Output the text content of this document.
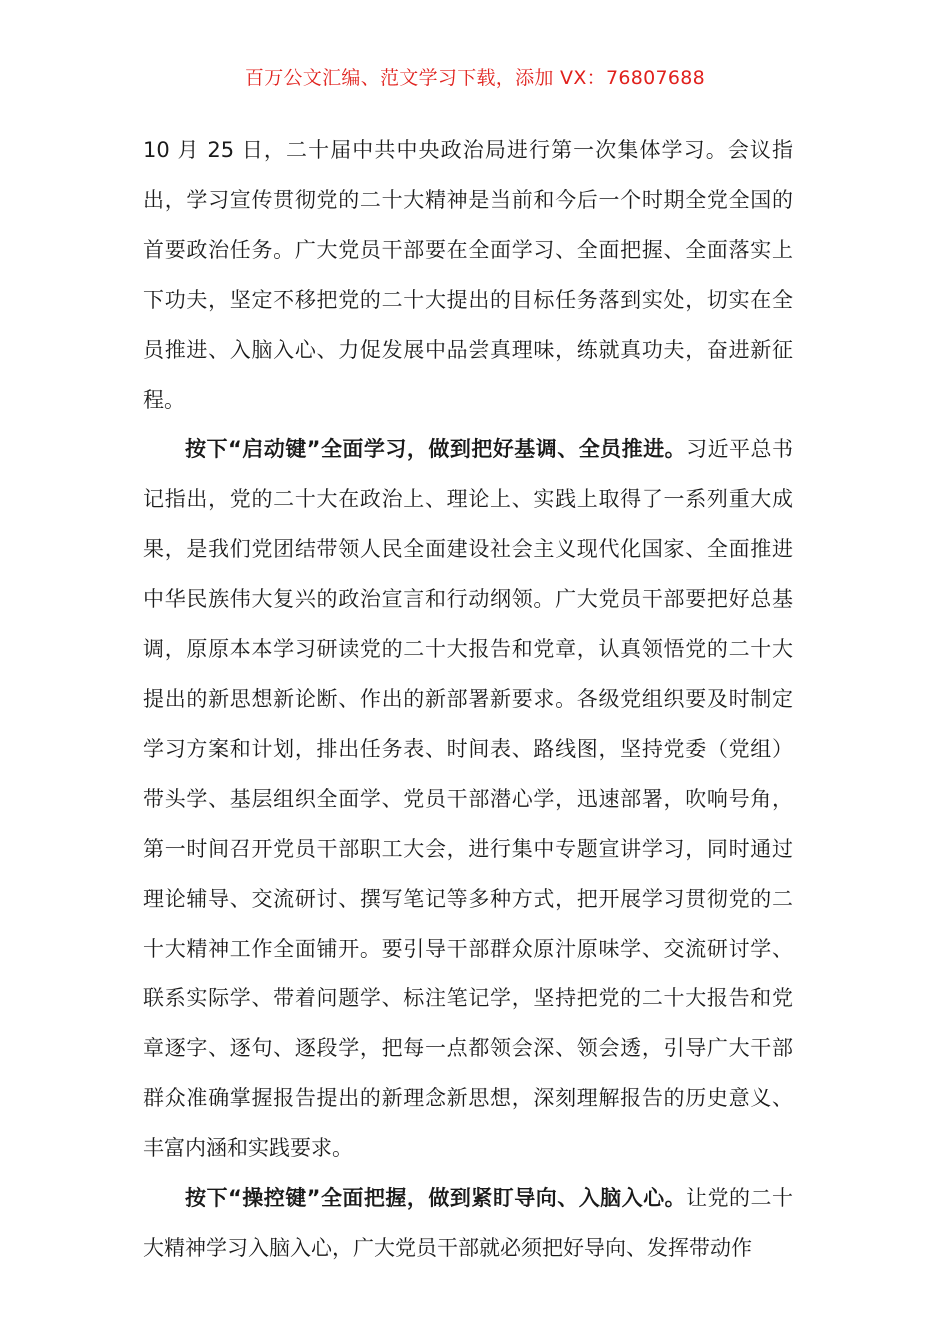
百万公文汇编、范文学习下载，添加 VX：76807688

10 月 25 日，二十届中共中央政治局进行第一次集体学习。会议指出，学习宣传贯彻党的二十大精神是当前和今后一个时期全党全国的首要政治任务。广大党员干部要在全面学习、全面把握、全面落实上下功夫，坚定不移把党的二十大提出的目标任务落到实处，切实在全员推进、入脑入心、力促发展中品尝真理味，练就真功夫，奋进新征程。

按下“启动键”全面学习，做到把好基调、全员推进。习近平总书记指出，党的二十大在政治上、理论上、实践上取得了一系列重大成果，是我们党团结带领人民全面建设社会主义现代化国家、全面推进中华民族伟大复兴的政治宣言和行动纲领。广大党员干部要把好总基调，原原本本学习研读党的二十大报告和党章，认真领悟党的二十大提出的新思想新论断、作出的新部署新要求。各级党组织要及时制定学习方案和计划，排出任务表、时间表、路线图，坚持党委（党组）带头学、基层组织全面学、党员干部潜心学，迅速部署，吹响号角，第一时间召开党员干部职工大会，进行集中专题宣讲学习，同时通过理论辅导、交流研讨、撰写笔记等多种方式，把开展学习贯彻党的二十大精神工作全面铺开。要引导干部群众原汁原味学、交流研讨学、联系实际学、带着问题学、标注笔记学，坚持把党的二十大报告和党章逐字、逐句、逐段学，把每一点都领会深、领会透，引导广大干部群众准确掌握报告提出的新理念新思想，深刻理解报告的历史意义、丰富内涵和实践要求。

按下“操控键”全面把握，做到紧盯导向、入脑入心。让党的二十大精神学习入脑入心，广大党员干部就必须把好导向、发挥带动作
